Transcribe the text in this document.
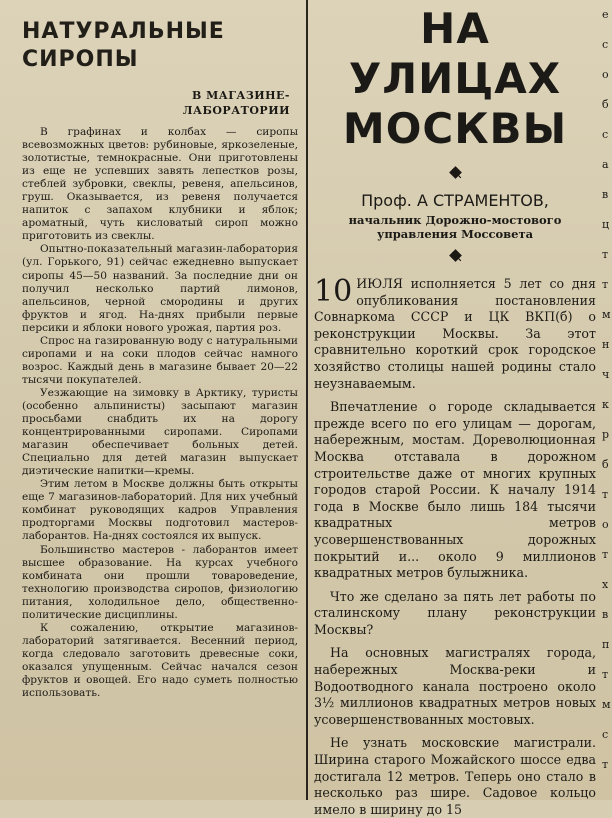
НАТУРАЛЬНЫЕ
СИРОПЫ
В МАГАЗИНЕ-
ЛАБОРАТОРИИ

В графинах и колбах — сиропы всевозможных цветов: рубиновые, яркозеленые, золотистые, темнокрасные. Они приготовлены из еще не успевших завять лепестков розы, стеблей зубровки, свеклы, ревеня, апельсинов, груш. Оказывается, из ревеня получается напиток с запахом клубники и яблок; ароматный, чуть кисловатый сироп можно приготовить из свеклы.

Опытно-показательный магазин-лаборатория (ул. Горького, 91) сейчас ежедневно выпускает сиропы 45—50 названий. За последние дни он получил несколько партий лимонов, апельсинов, черной смородины и других фруктов и ягод. На-днях прибыли первые персики и яблоки нового урожая, партия роз.

Спрос на газированную воду с натуральными сиропами и на соки плодов сейчас намного возрос. Каждый день в магазине бывает 20—22 тысячи покупателей.

Уезжающие на зимовку в Арктику, туристы (особенно альпинисты) засыпают магазин просьбами снабдить их на дорогу концентрированными сиропами. Сиропами магазин обеспечивает больных детей. Специально для детей магазин выпускает диэтические напитки—кремы.

Этим летом в Москве должны быть открыты еще 7 магазинов-лабораторий. Для них учебный комбинат руководящих кадров Управления продторгами Москвы подготовил мастеров-лаборантов. На-днях состоялся их выпуск.

Большинство мастеров - лаборантов имеет высшее образование. На курсах учебного комбината они прошли товароведение, технологию производства сиропов, физиологию питания, холодильное дело, общественно-политические дисциплины.

К сожалению, открытие магазинов-лабораторий затягивается. Весенний период, когда следовало заготовить древесные соки, оказался упущенным. Сейчас начался сезон фруктов и овощей. Его надо суметь полностью использовать.

НА УЛИЦАХ
МОСКВЫ

Проф. А СТРАМЕНТОВ,

начальник Дорожно-мостового
управления Моссовета

10 ИЮЛЯ исполняется 5 лет со дня опубликования постановления Совнаркома СССР и ЦК ВКП(б) о реконструкции Москвы. За этот сравнительно короткий срок городское хозяйство столицы нашей родины стало неузнаваемым.

Впечатление о городе складывается прежде всего по его улицам — дорогам, набережным, мостам. Дореволюционная Москва отставала в дорожном строительстве даже от многих крупных городов старой России. К началу 1914 года в Москве было лишь 184 тысячи квадратных метров усовершенствованных дорожных покрытий и... около 9 миллионов квадратных метров булыжника.

Что же сделано за пять лет работы по сталинскому плану реконструкции Москвы?

На основных магистралях города, набережных Москва-реки и Водоотводного канала построено около 3½ миллионов квадратных метров новых усовершенствованных мостовых.

Не узнать московские магистрали. Ширина старого Можайского шоссе едва достигала 12 метров. Теперь оно стало в несколько раз шире. Садовое кольцо имело в ширину до 15

е
с
о
б
с
а
в
ц
т
т
м
н
ч
к
р
б
т
о
т
х
в
п
т
м
с
т
